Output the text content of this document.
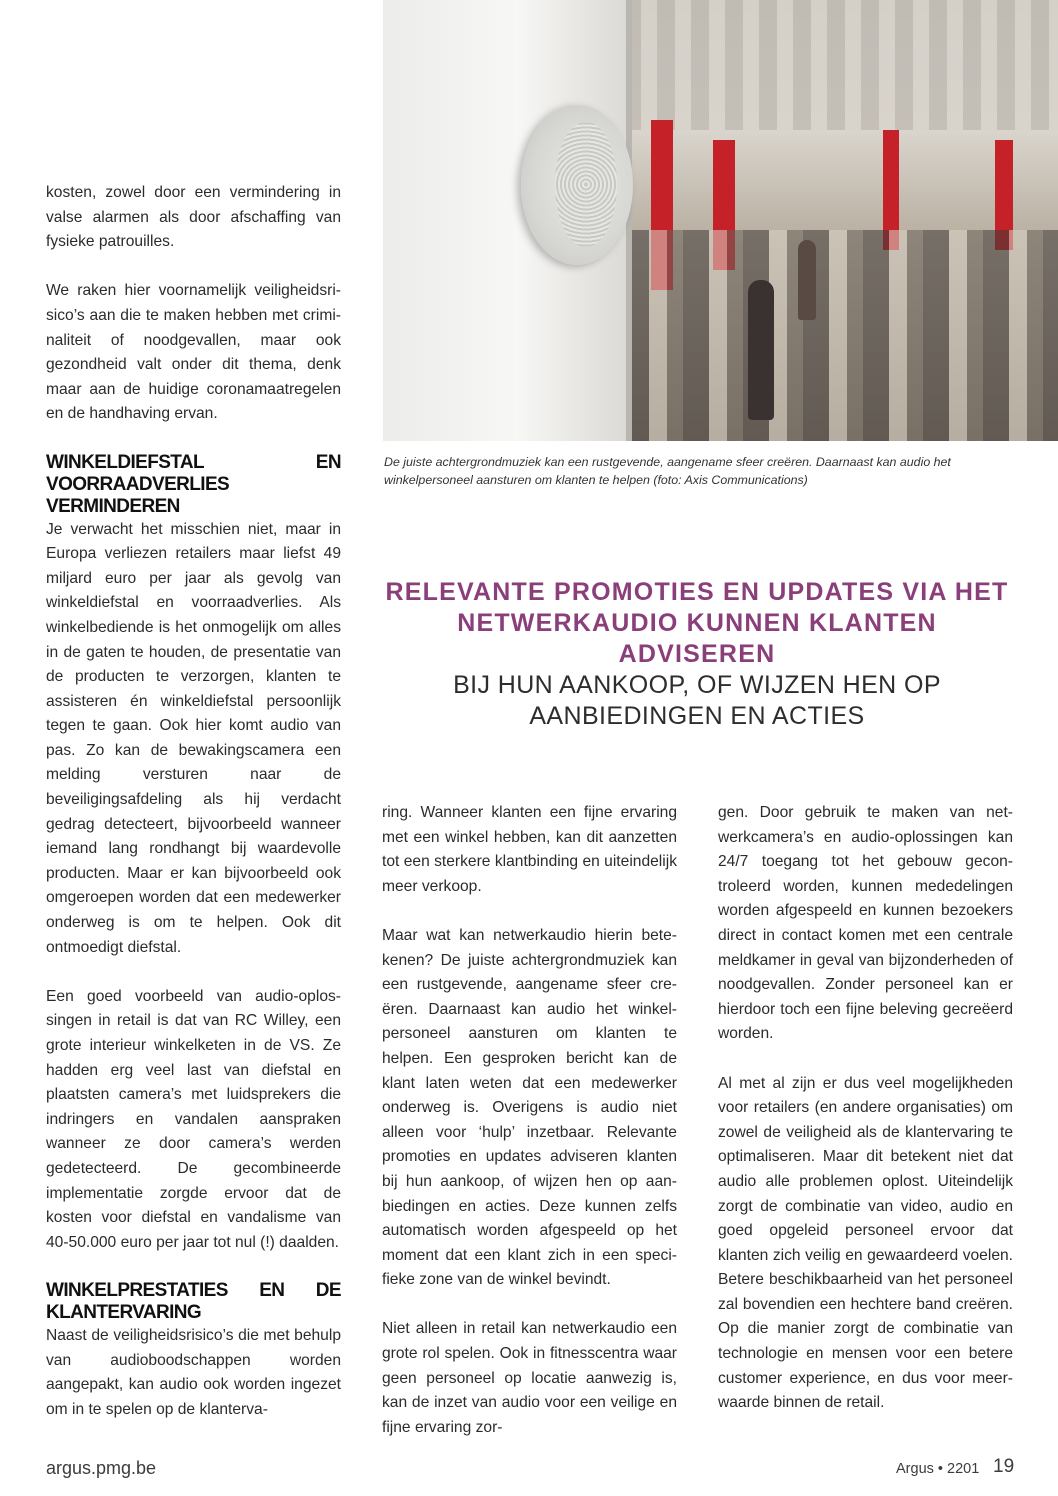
kosten, zowel door een vermindering in valse alarmen als door afschaffing van fysieke patrouilles.

We raken hier voornamelijk veiligheidsrisico’s aan die te maken hebben met criminaliteit of noodgevallen, maar ook gezondheid valt onder dit thema, denk maar aan de huidige coronamaatregelen en de handhaving ervan.

WINKELDIEFSTAL EN VOORRAADVERLIES VERMINDEREN

Je verwacht het misschien niet, maar in Europa verliezen retailers maar liefst 49 miljard euro per jaar als gevolg van winkeldiefstal en voorraadverlies. Als winkelbediende is het onmogelijk om alles in de gaten te houden, de presentatie van de producten te verzorgen, klanten te assisteren én winkeldiefstal persoonlijk tegen te gaan. Ook hier komt audio van pas. Zo kan de bewakingscamera een melding versturen naar de beveiligingsafdeling als hij verdacht gedrag detecteert, bijvoorbeeld wanneer iemand lang rondhangt bij waardevolle producten. Maar er kan bijvoorbeeld ook omgeroepen worden dat een medewerker onderweg is om te helpen. Ook dit ontmoedigt diefstal.

Een goed voorbeeld van audio-oplossingen in retail is dat van RC Willey, een grote interieur winkelketen in de VS. Ze hadden erg veel last van diefstal en plaatsten camera’s met luidsprekers die indringers en vandalen aanspraken wanneer ze door camera’s werden gedetecteerd. De gecombineerde implementatie zorgde ervoor dat de kosten voor diefstal en vandalisme van 40-50.000 euro per jaar tot nul (!) daalden.

WINKELPRESTATIES EN DE KLANTERVARING

Naast de veiligheidsrisico’s die met behulp van audioboodschappen worden aangepakt, kan audio ook worden ingezet om in te spelen op de klanterva-

De juiste achtergrondmuziek kan een rustgevende, aangename sfeer creëren. Daarnaast kan audio het winkelpersoneel aansturen om klanten te helpen (foto: Axis Communications)

RELEVANTE PROMOTIES EN UPDATES VIA HET NETWERKAUDIO KUNNEN KLANTEN ADVISEREN

BIJ HUN AANKOOP, OF WIJZEN HEN OP AANBIEDINGEN EN ACTIES

ring. Wanneer klanten een fijne ervaring met een winkel hebben, kan dit aanzetten tot een sterkere klantbinding en uiteindelijk meer verkoop.

Maar wat kan netwerkaudio hierin betekenen? De juiste achtergrondmuziek kan een rustgevende, aangename sfeer creëren. Daarnaast kan audio het winkelpersoneel aansturen om klanten te helpen. Een gesproken bericht kan de klant laten weten dat een medewerker onderweg is. Overigens is audio niet alleen voor ‘hulp’ inzetbaar. Relevante promoties en updates adviseren klanten bij hun aankoop, of wijzen hen op aanbiedingen en acties. Deze kunnen zelfs automatisch worden afgespeeld op het moment dat een klant zich in een specifieke zone van de winkel bevindt.

Niet alleen in retail kan netwerkaudio een grote rol spelen. Ook in fitnesscentra waar geen personeel op locatie aanwezig is, kan de inzet van audio voor een veilige en fijne ervaring zor-

gen. Door gebruik te maken van netwerkcamera’s en audio-oplossingen kan 24/7 toegang tot het gebouw gecontroleerd worden, kunnen mededelingen worden afgespeeld en kunnen bezoekers direct in contact komen met een centrale meldkamer in geval van bijzonderheden of noodgevallen. Zonder personeel kan er hierdoor toch een fijne beleving gecreëerd worden.

Al met al zijn er dus veel mogelijkheden voor retailers (en andere organisaties) om zowel de veiligheid als de klantervaring te optimaliseren. Maar dit betekent niet dat audio alle problemen oplost. Uiteindelijk zorgt de combinatie van video, audio en goed opgeleid personeel ervoor dat klanten zich veilig en gewaardeerd voelen. Betere beschikbaarheid van het personeel zal bovendien een hechtere band creëren. Op die manier zorgt de combinatie van technologie en mensen voor een betere customer experience, en dus voor meerwaarde binnen de retail.

argus.pmg.be	Argus • 2201 19
